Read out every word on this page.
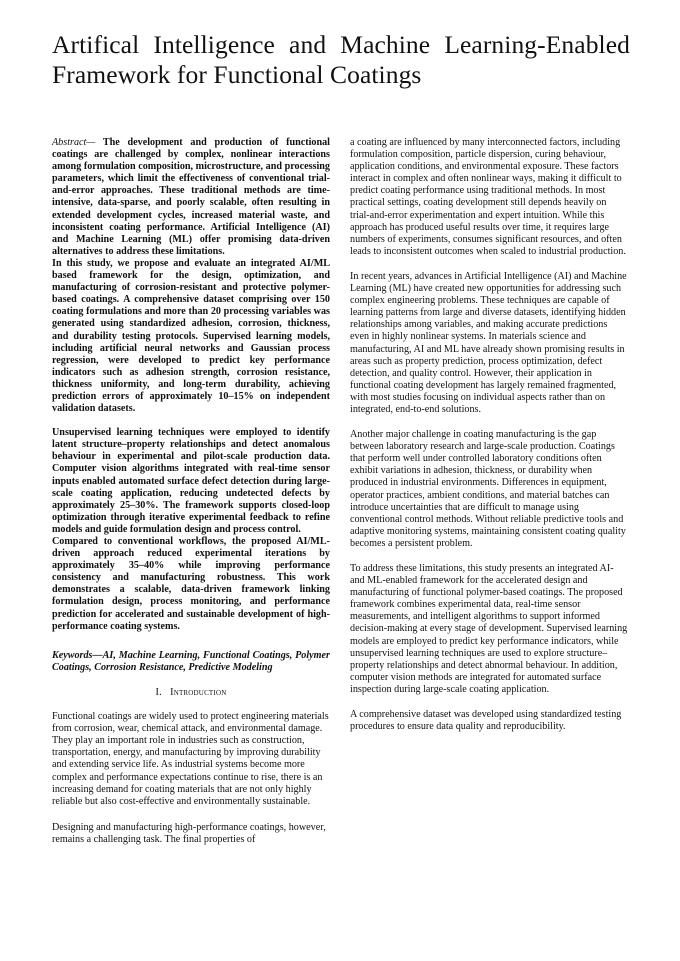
Artifical Intelligence and Machine Learning-Enabled Framework for Functional Coatings

Abstract— The development and production of functional coatings are challenged by complex, nonlinear interactions among formulation composition, microstructure, and processing parameters, which limit the effectiveness of conventional trial-and-error approaches. These traditional methods are time-intensive, data-sparse, and poorly scalable, often resulting in extended development cycles, increased material waste, and inconsistent coating performance. Artificial Intelligence (AI) and Machine Learning (ML) offer promising data-driven alternatives to address these limitations.

In this study, we propose and evaluate an integrated AI/ML based framework for the design, optimization, and manufacturing of corrosion-resistant and protective polymer-based coatings. A comprehensive dataset comprising over 150 coating formulations and more than 20 processing variables was generated using standardized adhesion, corrosion, thickness, and durability testing protocols. Supervised learning models, including artificial neural networks and Gaussian process regression, were developed to predict key performance indicators such as adhesion strength, corrosion resistance, thickness uniformity, and long-term durability, achieving prediction errors of approximately 10–15% on independent validation datasets.

Unsupervised learning techniques were employed to identify latent structure–property relationships and detect anomalous behaviour in experimental and pilot-scale production data. Computer vision algorithms integrated with real-time sensor inputs enabled automated surface defect detection during large-scale coating application, reducing undetected defects by approximately 25–30%. The framework supports closed-loop optimization through iterative experimental feedback to refine models and guide formulation design and process control.

Compared to conventional workflows, the proposed AI/ML-driven approach reduced experimental iterations by approximately 35–40% while improving performance consistency and manufacturing robustness. This work demonstrates a scalable, data-driven framework linking formulation design, process monitoring, and performance prediction for accelerated and sustainable development of high-performance coating systems.

Keywords—AI, Machine Learning, Functional Coatings, Polymer Coatings, Corrosion Resistance, Predictive Modeling

I. Introduction

Functional coatings are widely used to protect engineering materials from corrosion, wear, chemical attack, and environmental damage. They play an important role in industries such as construction, transportation, energy, and manufacturing by improving durability and extending service life. As industrial systems become more complex and performance expectations continue to rise, there is an increasing demand for coating materials that are not only highly reliable but also cost-effective and environmentally sustainable.

Designing and manufacturing high-performance coatings, however, remains a challenging task. The final properties of

a coating are influenced by many interconnected factors, including formulation composition, particle dispersion, curing behaviour, application conditions, and environmental exposure. These factors interact in complex and often nonlinear ways, making it difficult to predict coating performance using traditional methods. In most practical settings, coating development still depends heavily on trial-and-error experimentation and expert intuition. While this approach has produced useful results over time, it requires large numbers of experiments, consumes significant resources, and often leads to inconsistent outcomes when scaled to industrial production.

In recent years, advances in Artificial Intelligence (AI) and Machine Learning (ML) have created new opportunities for addressing such complex engineering problems. These techniques are capable of learning patterns from large and diverse datasets, identifying hidden relationships among variables, and making accurate predictions even in highly nonlinear systems. In materials science and manufacturing, AI and ML have already shown promising results in areas such as property prediction, process optimization, defect detection, and quality control. However, their application in functional coating development has largely remained fragmented, with most studies focusing on individual aspects rather than on integrated, end-to-end solutions.

Another major challenge in coating manufacturing is the gap between laboratory research and large-scale production. Coatings that perform well under controlled laboratory conditions often exhibit variations in adhesion, thickness, or durability when produced in industrial environments. Differences in equipment, operator practices, ambient conditions, and material batches can introduce uncertainties that are difficult to manage using conventional control methods. Without reliable predictive tools and adaptive monitoring systems, maintaining consistent coating quality becomes a persistent problem.

To address these limitations, this study presents an integrated AI- and ML-enabled framework for the accelerated design and manufacturing of functional polymer-based coatings. The proposed framework combines experimental data, real-time sensor measurements, and intelligent algorithms to support informed decision-making at every stage of development. Supervised learning models are employed to predict key performance indicators, while unsupervised learning techniques are used to explore structure–property relationships and detect abnormal behaviour. In addition, computer vision methods are integrated for automated surface inspection during large-scale coating application.

A comprehensive dataset was developed using standardized testing procedures to ensure data quality and reproducibility.
